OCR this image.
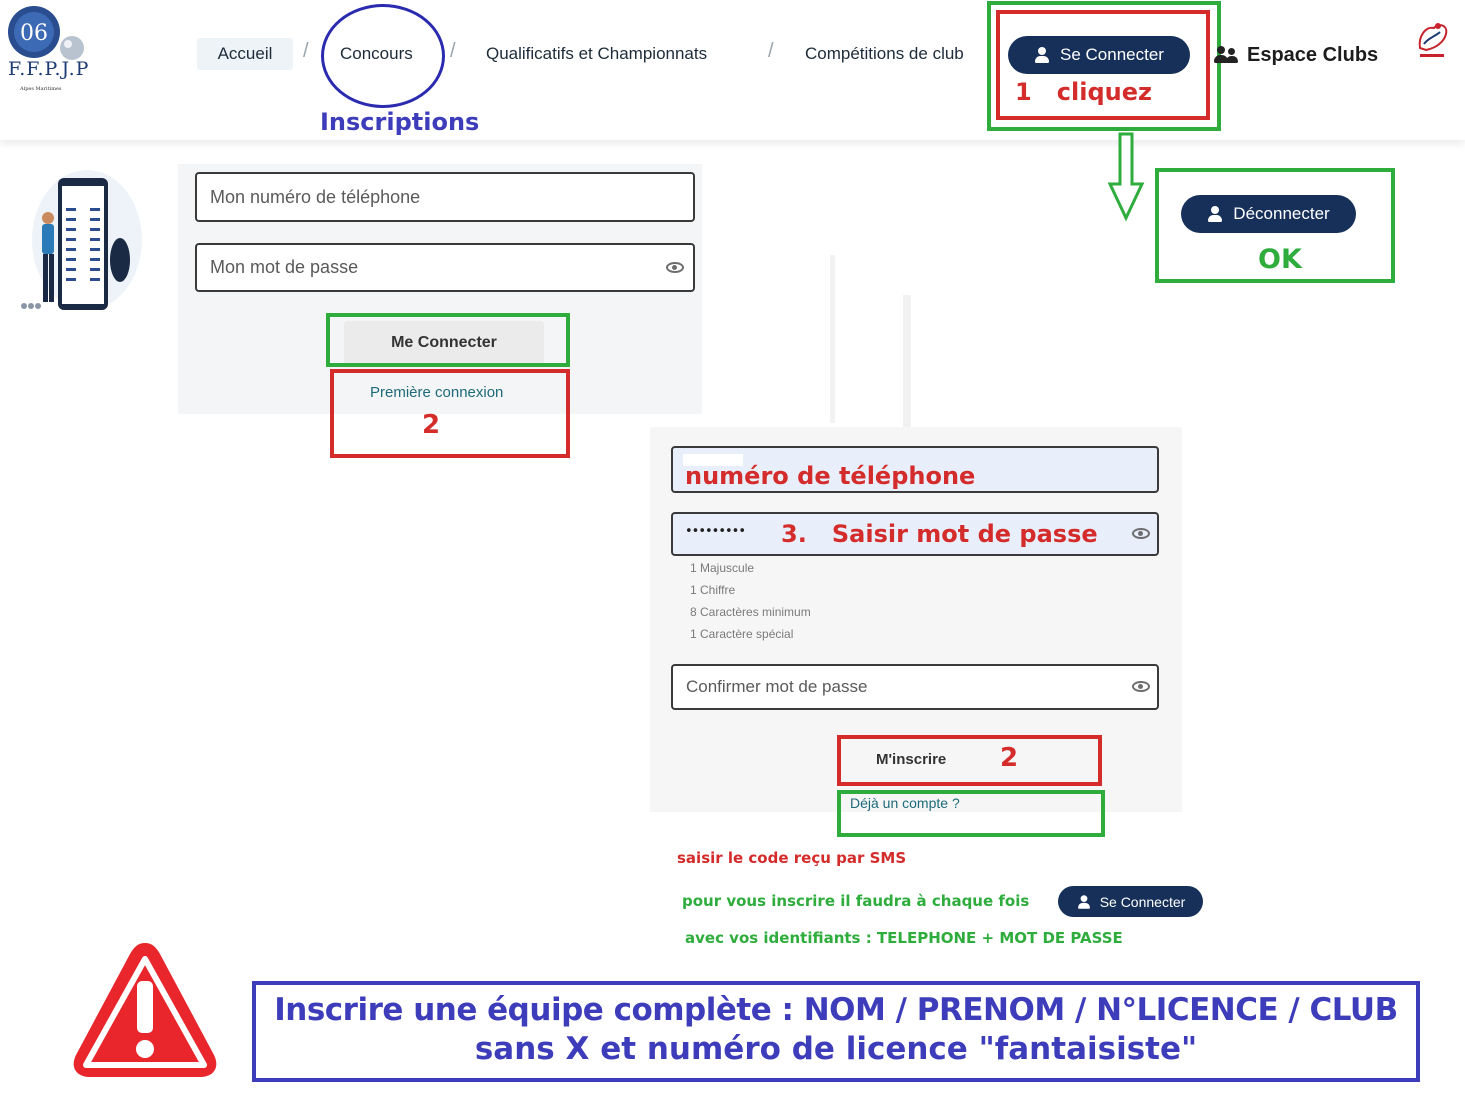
06
F.F.P.J.P
Alpes Maritimes
Accueil	/ Concours / Qualificatifs et Championnats	/ Compétitions de club
Inscriptions
Se Connecter
1   cliquez
Espace Clubs
Déconnecter
OK
Mon numéro de téléphone
Mon mot de passe
Me Connecter
Première connexion
2
numéro de téléphone
••••••••• 3.   Saisir mot de passe
1 Majuscule
1 Chiffre
8 Caractères minimum
1 Caractère spécial
Confirmer mot de passe
M'inscrire 2
Déjà un compte ?
saisir le code reçu par SMS
pour vous inscrire il faudra à chaque fois	Se Connecter
avec vos identifiants : TELEPHONE + MOT DE PASSE
Inscrire une équipe complète : NOM / PRENOM / N°LICENCE / CLUB
sans X et numéro de licence "fantaisiste"
